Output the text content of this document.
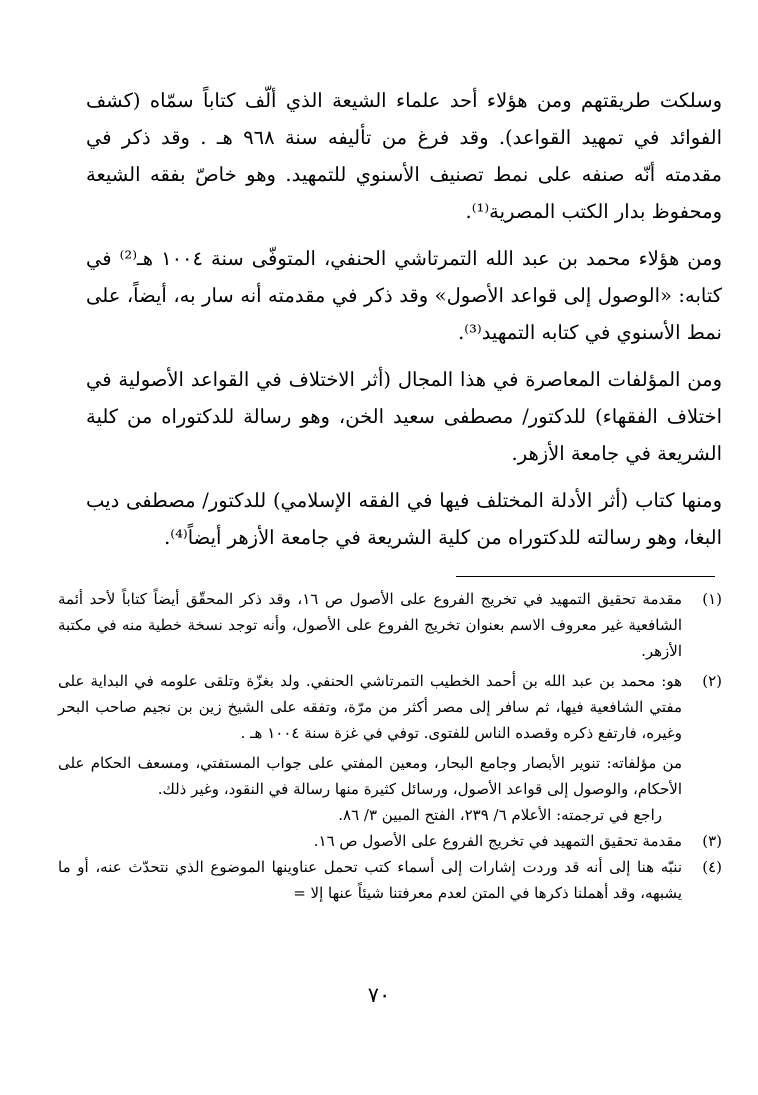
وسلكت طريقتهم ومن هؤلاء أحد علماء الشيعة الذي ألّف كتاباً سمّاه (كشف الفوائد في تمهيد القواعد). وقد فرغ من تأليفه سنة ٩٦٨ هـ . وقد ذكر في مقدمته أنّه صنفه على نمط تصنيف الأسنوي للتمهيد. وهو خاصّ بفقه الشيعة ومحفوظ بدار الكتب المصرية⁽¹⁾.

ومن هؤلاء محمد بن عبد الله التمرتاشي الحنفي، المتوفّى سنة ١٠٠٤ هـ⁽²⁾ في كتابه: «الوصول إلى قواعد الأصول» وقد ذكر في مقدمته أنه سار به، أيضاً، على نمط الأسنوي في كتابه التمهيد⁽³⁾.

ومن المؤلفات المعاصرة في هذا المجال (أثر الاختلاف في القواعد الأصولية في اختلاف الفقهاء) للدكتور/ مصطفى سعيد الخن، وهو رسالة للدكتوراه من كلية الشريعة في جامعة الأزهر.

ومنها كتاب (أثر الأدلة المختلف فيها في الفقه الإسلامي) للدكتور/ مصطفى ديب البغا، وهو رسالته للدكتوراه من كلية الشريعة في جامعة الأزهر أيضاً⁽⁴⁾.

(١)
مقدمة تحقيق التمهيد في تخريج الفروع على الأصول ص ١٦، وقد ذكر المحقّق أيضاً كتاباً لأحد أئمة الشافعية غير معروف الاسم بعنوان تخريج الفروع على الأصول، وأنه توجد نسخة خطية منه في مكتبة الأزهر.

(٢)
هو: محمد بن عبد الله بن أحمد الخطيب التمرتاشي الحنفي. ولد بغزّة وتلقى علومه في البداية على مفتي الشافعية فيها، ثم سافر إلى مصر أكثر من مرّة، وتفقه على الشيخ زين بن نجيم صاحب البحر وغيره، فارتفع ذكره وقصده الناس للفتوى. توفي في غزة سنة ١٠٠٤ هـ .

من مؤلفاته: تنوير الأبصار وجامع البحار، ومعين المفتي على جواب المستفتي، ومسعف الحكام على الأحكام، والوصول إلى قواعد الأصول، ورسائل كثيرة منها رسالة في النقود، وغير ذلك.

راجع في ترجمته: الأعلام ٦/ ٢٣٩، الفتح المبين ٣/ ٨٦.

(٣)
مقدمة تحقيق التمهيد في تخريج الفروع على الأصول ص ١٦.

(٤)
ننبّه هنا إلى أنه قد وردت إشارات إلى أسماء كتب تحمل عناوينها الموضوع الذي نتحدّث عنه، أو ما يشبهه، وقد أهملنا ذكرها في المتن لعدم معرفتنا شيئاً عنها إلا =

٧٠
